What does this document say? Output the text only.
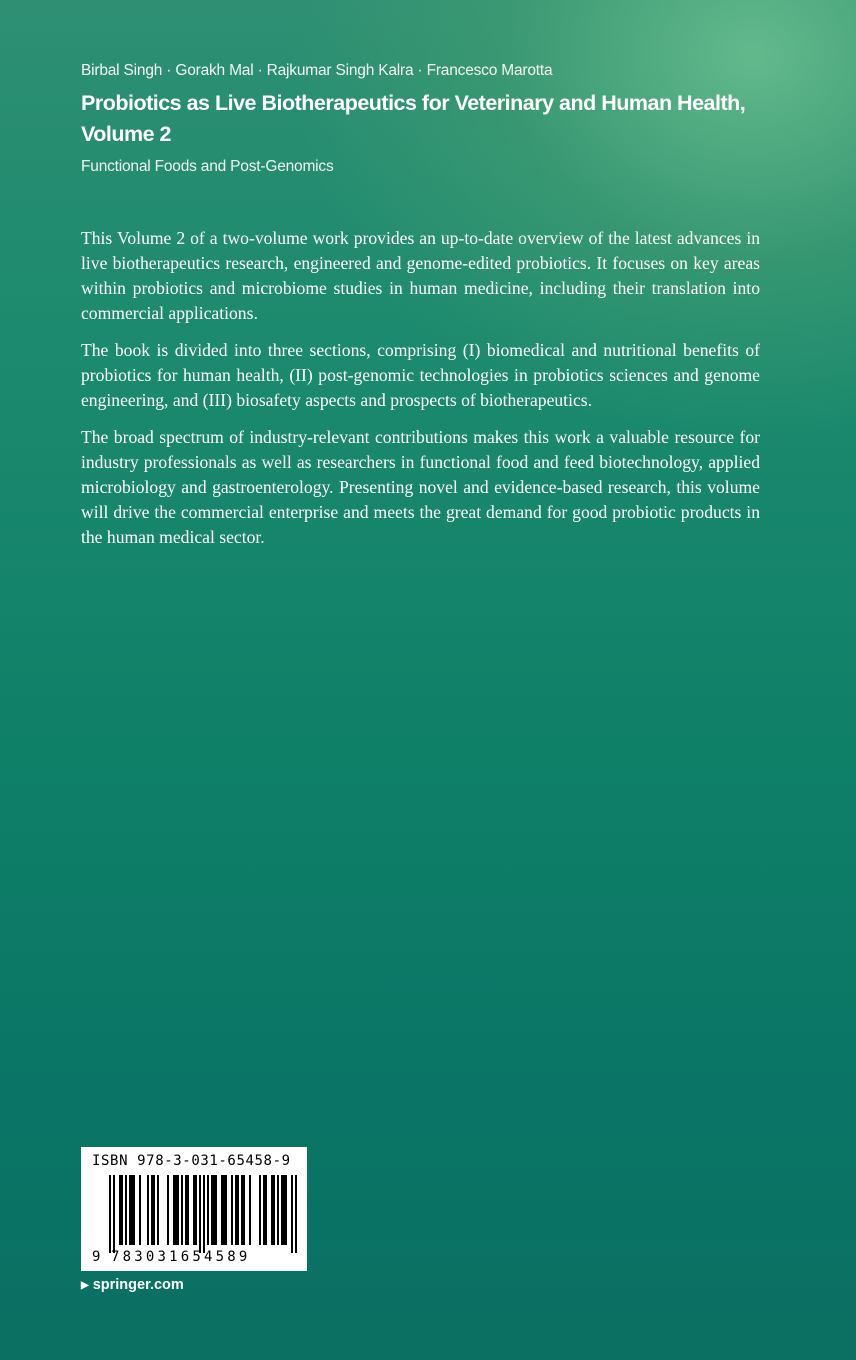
Birbal Singh · Gorakh Mal · Rajkumar Singh Kalra · Francesco Marotta
Probiotics as Live Biotherapeutics for Veterinary and Human Health, Volume 2
Functional Foods and Post-Genomics

This Volume 2 of a two-volume work provides an up-to-date overview of the latest advances in live biotherapeutics research, engineered and genome-edited probiotics. It focuses on key areas within probiotics and microbiome studies in human medicine, including their translation into commercial applications.

The book is divided into three sections, comprising (I) biomedical and nutritional benefits of probiotics for human health, (II) post-genomic technologies in probiotics sciences and genome engineering, and (III) biosafety aspects and prospects of biotherapeutics.

The broad spectrum of industry-relevant contributions makes this work a valuable resource for industry professionals as well as researchers in functional food and feed biotechnology, applied microbiology and gastroenterology. Presenting novel and evidence-based research, this volume will drive the commercial enterprise and meets the great demand for good probiotic products in the human medical sector.

ISBN 978-3-031-65458-9
9 783031654589
▶ springer.com
